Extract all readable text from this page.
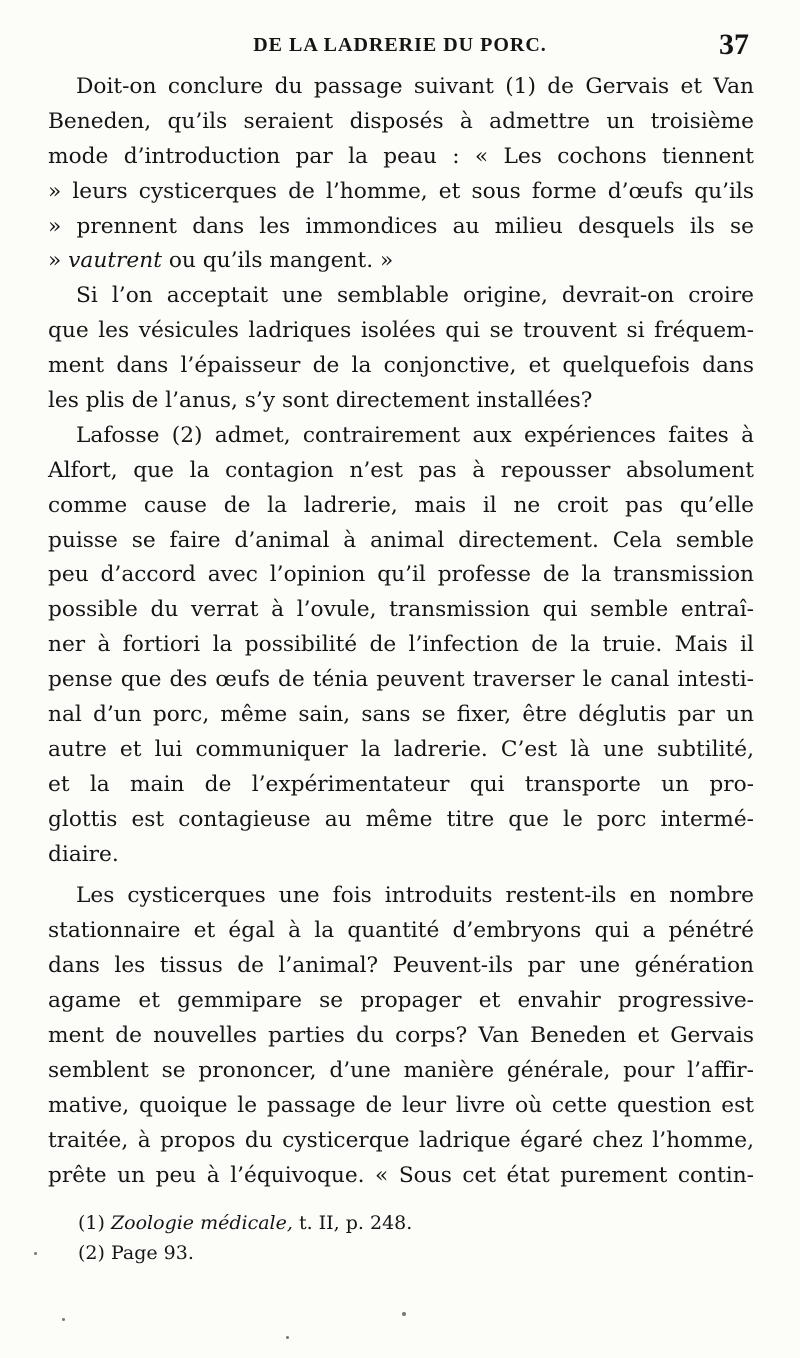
DE LA LADRERIE DU PORC.	37
Doit-on conclure du passage suivant (1) de Gervais et Van
Beneden, qu’ils seraient disposés à admettre un troisième
mode d’introduction par la peau : « Les cochons tiennent
» leurs cysticerques de l’homme, et sous forme d’œufs qu’ils
» prennent dans les immondices au milieu desquels ils se
» vautrent ou qu’ils mangent. »
Si l’on acceptait une semblable origine, devrait-on croire
que les vésicules ladriques isolées qui se trouvent si fréquem-
ment dans l’épaisseur de la conjonctive, et quelquefois dans
les plis de l’anus, s’y sont directement installées?
Lafosse (2) admet, contrairement aux expériences faites à
Alfort, que la contagion n’est pas à repousser absolument
comme cause de la ladrerie, mais il ne croit pas qu’elle
puisse se faire d’animal à animal directement. Cela semble
peu d’accord avec l’opinion qu’il professe de la transmission
possible du verrat à l’ovule, transmission qui semble entraî-
ner à fortiori la possibilité de l’infection de la truie. Mais il
pense que des œufs de ténia peuvent traverser le canal intesti-
nal d’un porc, même sain, sans se fixer, être déglutis par un
autre et lui communiquer la ladrerie. C’est là une subtilité,
et la main de l’expérimentateur qui transporte un pro-
glottis est contagieuse au même titre que le porc intermé-
diaire.
Les cysticerques une fois introduits restent-ils en nombre
stationnaire et égal à la quantité d’embryons qui a pénétré
dans les tissus de l’animal? Peuvent-ils par une génération
agame et gemmipare se propager et envahir progressive-
ment de nouvelles parties du corps? Van Beneden et Gervais
semblent se prononcer, d’une manière générale, pour l’affir-
mative, quoique le passage de leur livre où cette question est
traitée, à propos du cysticerque ladrique égaré chez l’homme,
prête un peu à l’équivoque. « Sous cet état purement contin-
(1) Zoologie médicale, t. II, p. 248.
(2) Page 93.
